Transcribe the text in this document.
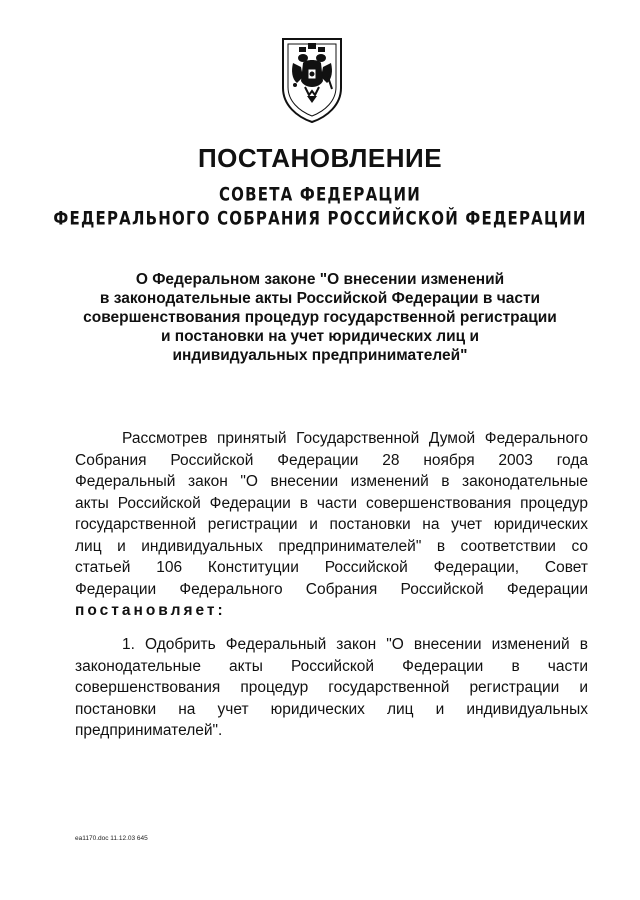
ПОСТАНОВЛЕНИЕ
СОВЕТА ФЕДЕРАЦИИ
ФЕДЕРАЛЬНОГО СОБРАНИЯ РОССИЙСКОЙ ФЕДЕРАЦИИ
О Федеральном законе "О внесении изменений
в законодательные акты Российской Федерации в части
совершенствования процедур государственной регистрации
и постановки на учет юридических лиц и
индивидуальных предпринимателей"
Рассмотрев принятый Государственной Думой Федерального
Собрания Российской Федерации 28 ноября 2003 года
Федеральный закон "О внесении изменений в законодательные
акты Российской Федерации в части совершенствования процедур
государственной регистрации и постановки на учет юридических
лиц и индивидуальных предпринимателей" в соответствии со
статьей 106 Конституции Российской Федерации, Совет
Федерации Федерального Собрания Российской Федерации
постановляет:
1. Одобрить Федеральный закон "О внесении изменений в
законодательные акты Российской Федерации в части
совершенствования процедур государственной регистрации и
постановки на учет юридических лиц и индивидуальных
предпринимателей".
ea1170.doc 11.12.03 645
